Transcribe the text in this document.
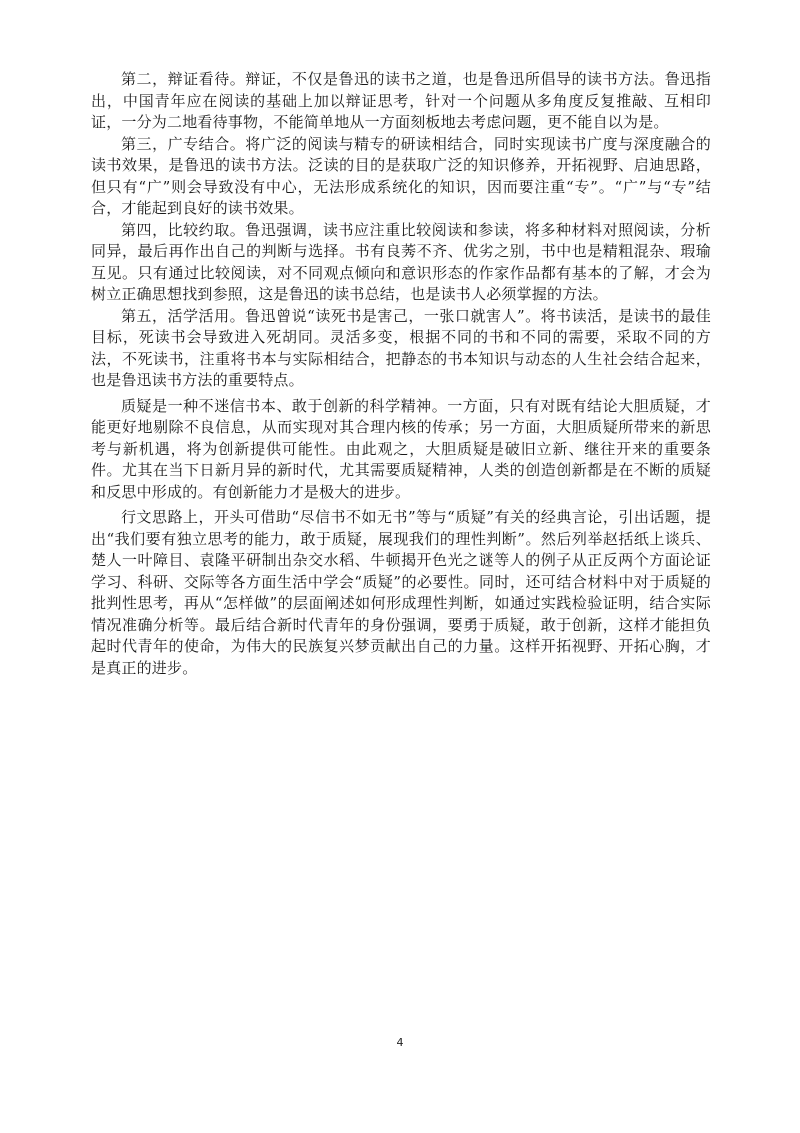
第二，辩证看待。辩证，不仅是鲁迅的读书之道，也是鲁迅所倡导的读书方法。鲁迅指出，中国青年应在阅读的基础上加以辩证思考，针对一个问题从多角度反复推敲、互相印证，一分为二地看待事物，不能简单地从一方面刻板地去考虑问题，更不能自以为是。

第三，广专结合。将广泛的阅读与精专的研读相结合，同时实现读书广度与深度融合的读书效果，是鲁迅的读书方法。泛读的目的是获取广泛的知识修养，开拓视野、启迪思路，但只有“广”则会导致没有中心，无法形成系统化的知识，因而要注重“专”。“广”与“专”结合，才能起到良好的读书效果。

第四，比较约取。鲁迅强调，读书应注重比较阅读和参读，将多种材料对照阅读，分析同异，最后再作出自己的判断与选择。书有良莠不齐、优劣之别，书中也是精粗混杂、瑕瑜互见。只有通过比较阅读，对不同观点倾向和意识形态的作家作品都有基本的了解，才会为树立正确思想找到参照，这是鲁迅的读书总结，也是读书人必须掌握的方法。

第五，活学活用。鲁迅曾说“读死书是害己，一张口就害人”。将书读活，是读书的最佳目标，死读书会导致进入死胡同。灵活多变，根据不同的书和不同的需要，采取不同的方法，不死读书，注重将书本与实际相结合，把静态的书本知识与动态的人生社会结合起来，也是鲁迅读书方法的重要特点。

质疑是一种不迷信书本、敢于创新的科学精神。一方面，只有对既有结论大胆质疑，才能更好地剔除不良信息，从而实现对其合理内核的传承；另一方面，大胆质疑所带来的新思考与新机遇，将为创新提供可能性。由此观之，大胆质疑是破旧立新、继往开来的重要条件。尤其在当下日新月异的新时代，尤其需要质疑精神，人类的创造创新都是在不断的质疑和反思中形成的。有创新能力才是极大的进步。

行文思路上，开头可借助“尽信书不如无书”等与“质疑”有关的经典言论，引出话题，提出“我们要有独立思考的能力，敢于质疑，展现我们的理性判断”。然后列举赵括纸上谈兵、楚人一叶障目、袁隆平研制出杂交水稻、牛顿揭开色光之谜等人的例子从正反两个方面论证学习、科研、交际等各方面生活中学会“质疑”的必要性。同时，还可结合材料中对于质疑的批判性思考，再从“怎样做”的层面阐述如何形成理性判断，如通过实践检验证明，结合实际情况准确分析等。最后结合新时代青年的身份强调，要勇于质疑，敢于创新，这样才能担负起时代青年的使命，为伟大的民族复兴梦贡献出自己的力量。这样开拓视野、开拓心胸，才是真正的进步。

4
